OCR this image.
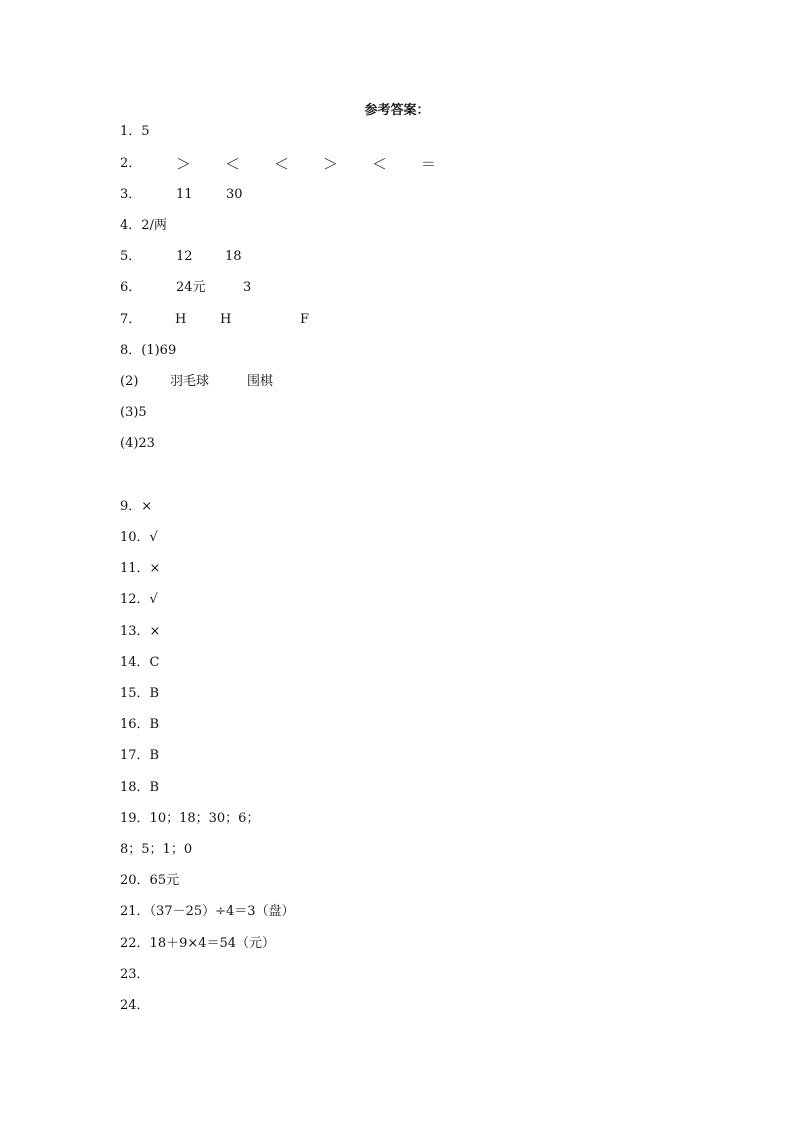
参考答案：
1．5
2． ＞ ＜ ＜ ＞ ＜ ＝
3．	11	30
4．2/两
5．	12 18
6．	24元	3
7．	H	H	F
8．(1)69
(2) 羽毛球	围棋
(3)5
(4)23
9．×
10．√
11．×
12．√
13．×
14．C
15．B
16．B
17．B
18．B
19．10；18；30；6；
8；5；1；0
20．65元
21．（37－25）÷4＝3（盘）
22．18＋9×4＝54（元）
23．
24．
